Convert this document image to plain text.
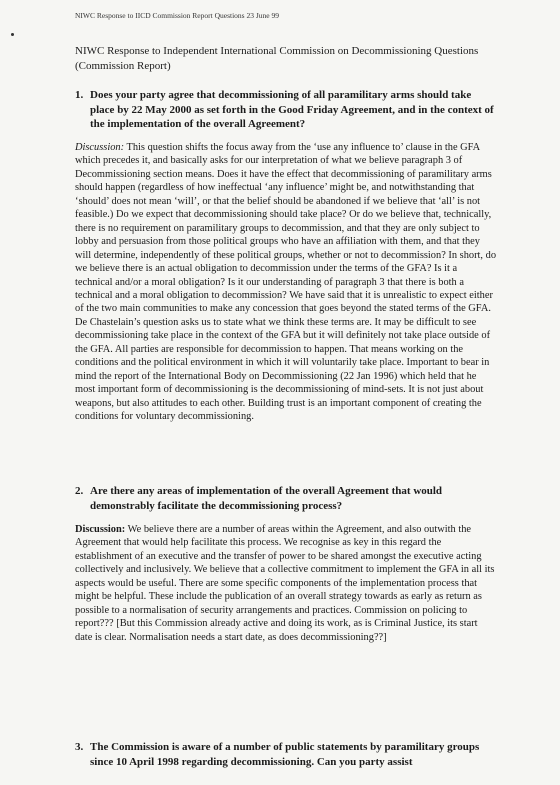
NIWC Response to IICD Commission Report Questions 23 June 99
NIWC Response to Independent International Commission on Decommissioning Questions (Commission Report)
1. Does your party agree that decommissioning of all paramilitary arms should take place by 22 May 2000 as set forth in the Good Friday Agreement, and in the context of the implementation of the overall Agreement?
Discussion: This question shifts the focus away from the ‘use any influence to’ clause in the GFA which precedes it, and basically asks for our interpretation of what we believe paragraph 3 of Decommissioning section means. Does it have the effect that decommissioning of paramilitary arms should happen (regardless of how ineffectual ‘any influence’ might be, and notwithstanding that ‘should’ does not mean ‘will’, or that the belief should be abandoned if we believe that ‘all’ is not feasible.) Do we expect that decommissioning should take place? Or do we believe that, technically, there is no requirement on paramilitary groups to decommission, and that they are only subject to lobby and persuasion from those political groups who have an affiliation with them, and that they will determine, independently of these political groups, whether or not to decommission? In short, do we believe there is an actual obligation to decommission under the terms of the GFA? Is it a technical and/or a moral obligation? Is it our understanding of paragraph 3 that there is both a technical and a moral obligation to decommission? We have said that it is unrealistic to expect either of the two main communities to make any concession that goes beyond the stated terms of the GFA. De Chastelain’s question asks us to state what we think these terms are. It may be difficult to see decommissioning take place in the context of the GFA but it will definitely not take place outside of the GFA. All parties are responsible for decommission to happen. That means working on the conditions and the political environment in which it will voluntarily take place. Important to bear in mind the report of the International Body on Decommissioning (22 Jan 1996) which held that he most important form of decommissioning is the decommissioning of mind-sets. It is not just about weapons, but also attitudes to each other. Building trust is an important component of creating the conditions for voluntary decommissioning.
2. Are there any areas of implementation of the overall Agreement that would demonstrably facilitate the decommissioning process?
Discussion: We believe there are a number of areas within the Agreement, and also outwith the Agreement that would help facilitate this process. We recognise as key in this regard the establishment of an executive and the transfer of power to be shared amongst the executive acting collectively and inclusively. We believe that a collective commitment to implement the GFA in all its aspects would be useful. There are some specific components of the implementation process that might be helpful. These include the publication of an overall strategy towards as early as return as possible to a normalisation of security arrangements and practices. Commission on policing to report??? [But this Commission already active and doing its work, as is Criminal Justice, its start date is clear. Normalisation needs a start date, as does decommissioning??]
3. The Commission is aware of a number of public statements by paramilitary groups since 10 April 1998 regarding decommissioning. Can you party assist
